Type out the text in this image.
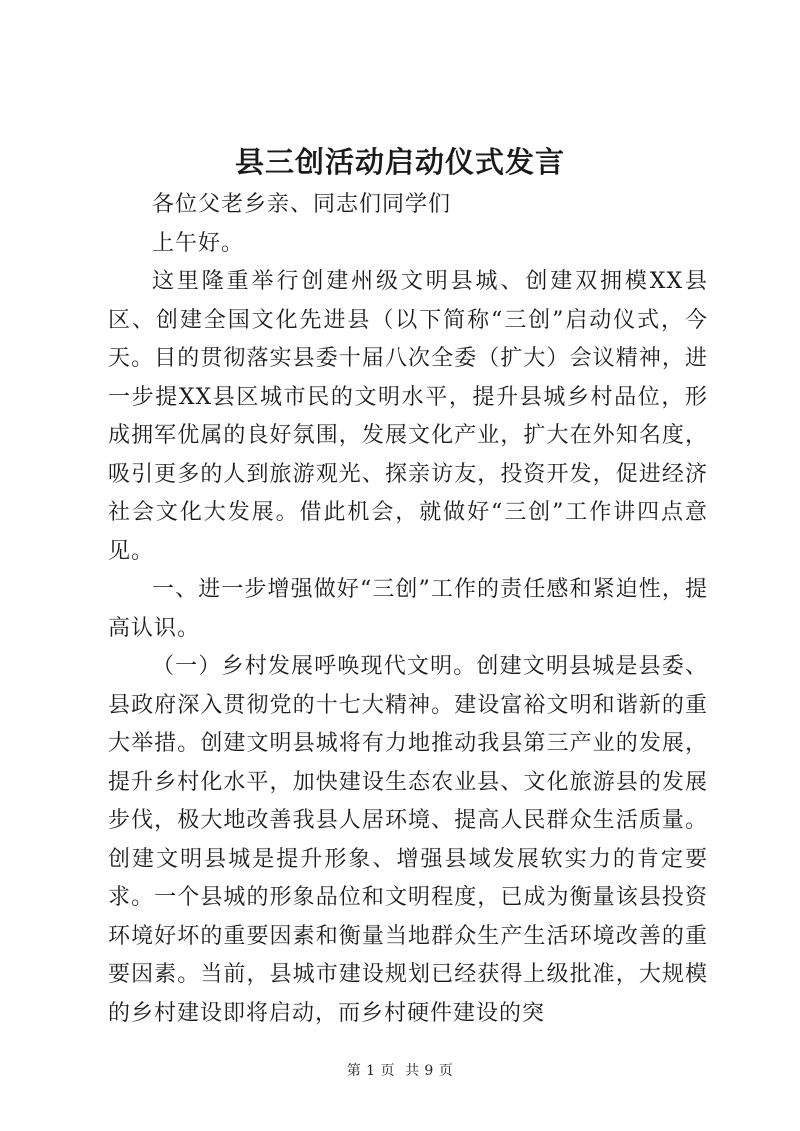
县三创活动启动仪式发言

各位父老乡亲、同志们同学们

上午好。

这里隆重举行创建州级文明县城、创建双拥模XX县区、创建全国文化先进县（以下简称“三创”启动仪式，今天。目的贯彻落实县委十届八次全委（扩大）会议精神，进一步提XX县区城市民的文明水平，提升县城乡村品位，形成拥军优属的良好氛围，发展文化产业，扩大在外知名度，吸引更多的人到旅游观光、探亲访友，投资开发，促进经济社会文化大发展。借此机会，就做好“三创”工作讲四点意见。

一、进一步增强做好“三创”工作的责任感和紧迫性，提高认识。

（一）乡村发展呼唤现代文明。创建文明县城是县委、县政府深入贯彻党的十七大精神。建设富裕文明和谐新的重大举措。创建文明县城将有力地推动我县第三产业的发展，提升乡村化水平，加快建设生态农业县、文化旅游县的发展步伐，极大地改善我县人居环境、提高人民群众生活质量。创建文明县城是提升形象、增强县域发展软实力的肯定要求。一个县城的形象品位和文明程度，已成为衡量该县投资环境好坏的重要因素和衡量当地群众生产生活环境改善的重要因素。当前，县城市建设规划已经获得上级批准，大规模的乡村建设即将启动，而乡村硬件建设的突

第 1 页  共 9 页
